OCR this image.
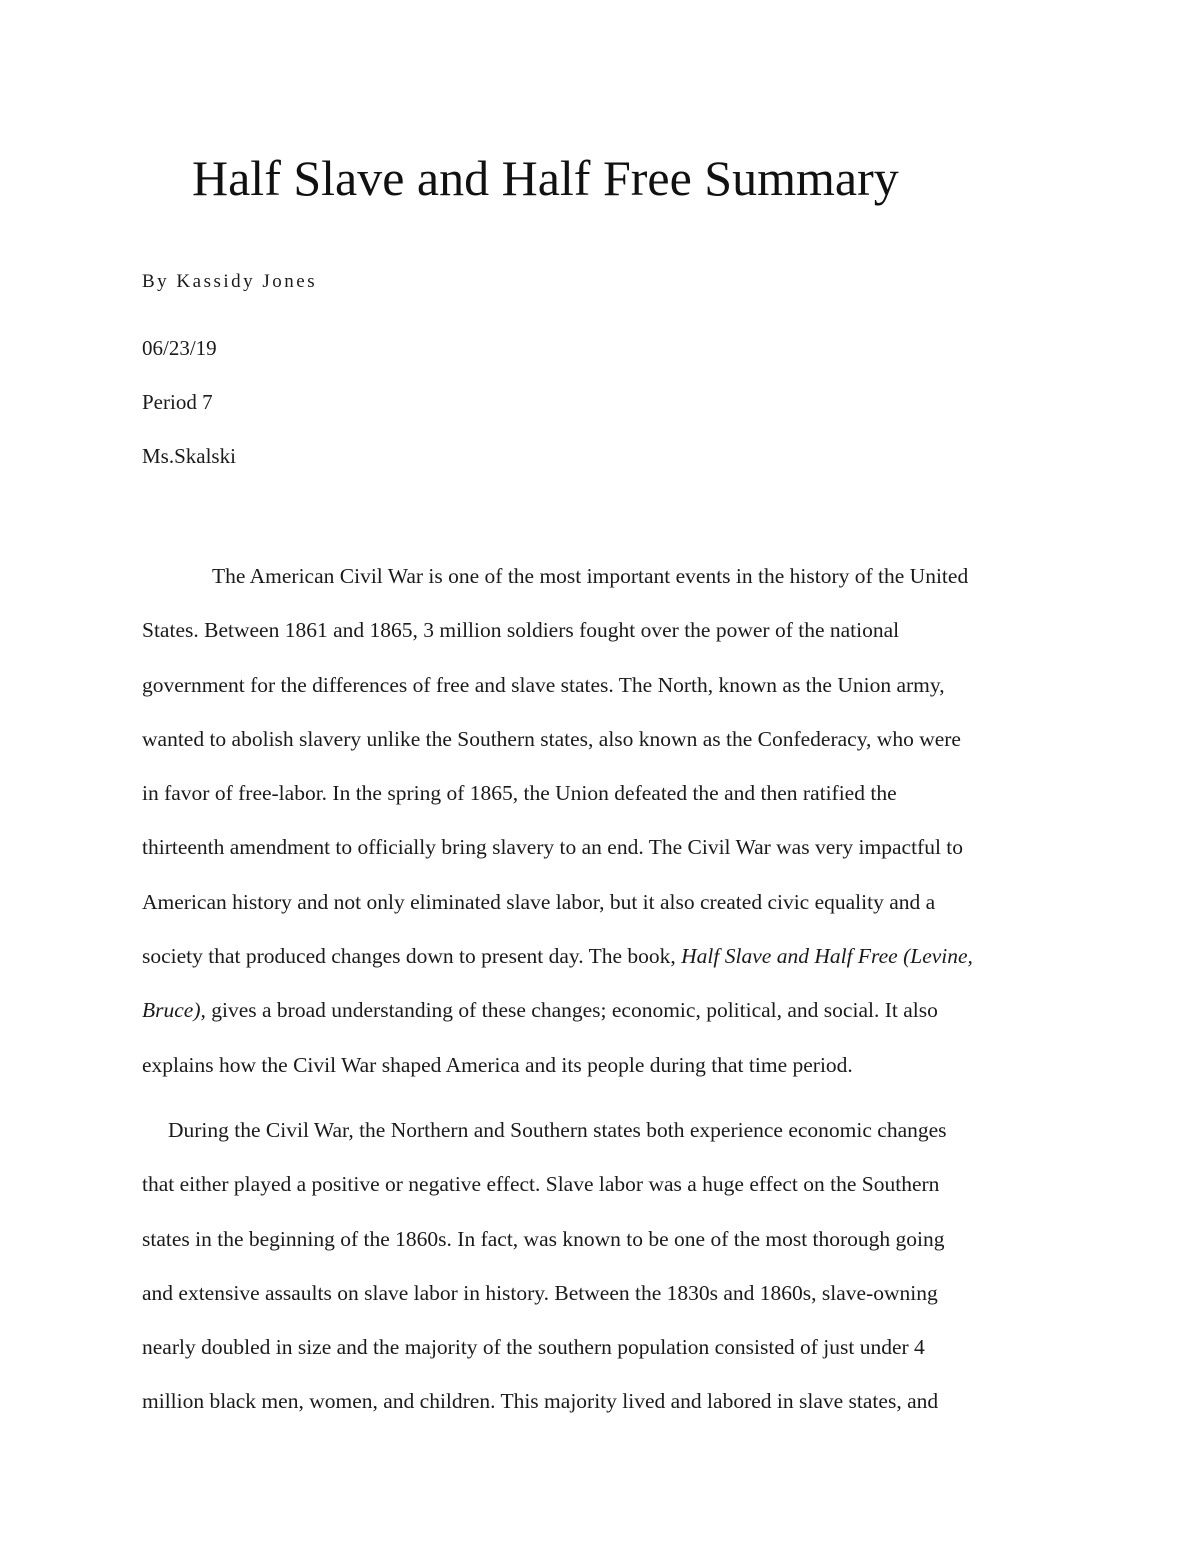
Half Slave and Half Free Summary
By Kassidy Jones
06/23/19
Period 7
Ms.Skalski
The American Civil War is one of the most important events in the history of the United
States. Between 1861 and 1865, 3 million soldiers fought over the power of the national
government for the differences of free and slave states. The North, known as the Union army,
wanted to abolish slavery unlike the Southern states, also known as the Confederacy, who were
in favor of free-labor. In the spring of 1865, the Union defeated the and then ratified the
thirteenth amendment to officially bring slavery to an end. The Civil War was very impactful to
American history and not only eliminated slave labor, but it also created civic equality and a
society that produced changes down to present day. The book, Half Slave and Half Free (Levine,
Bruce), gives a broad understanding of these changes; economic, political, and social. It also
explains how the Civil War shaped America and its people during that time period.
During the Civil War, the Northern and Southern states both experience economic changes
that either played a positive or negative effect. Slave labor was a huge effect on the Southern
states in the beginning of the 1860s. In fact, was known to be one of the most thorough going
and extensive assaults on slave labor in history. Between the 1830s and 1860s, slave-owning
nearly doubled in size and the majority of the southern population consisted of just under 4
million black men, women, and children. This majority lived and labored in slave states, and
